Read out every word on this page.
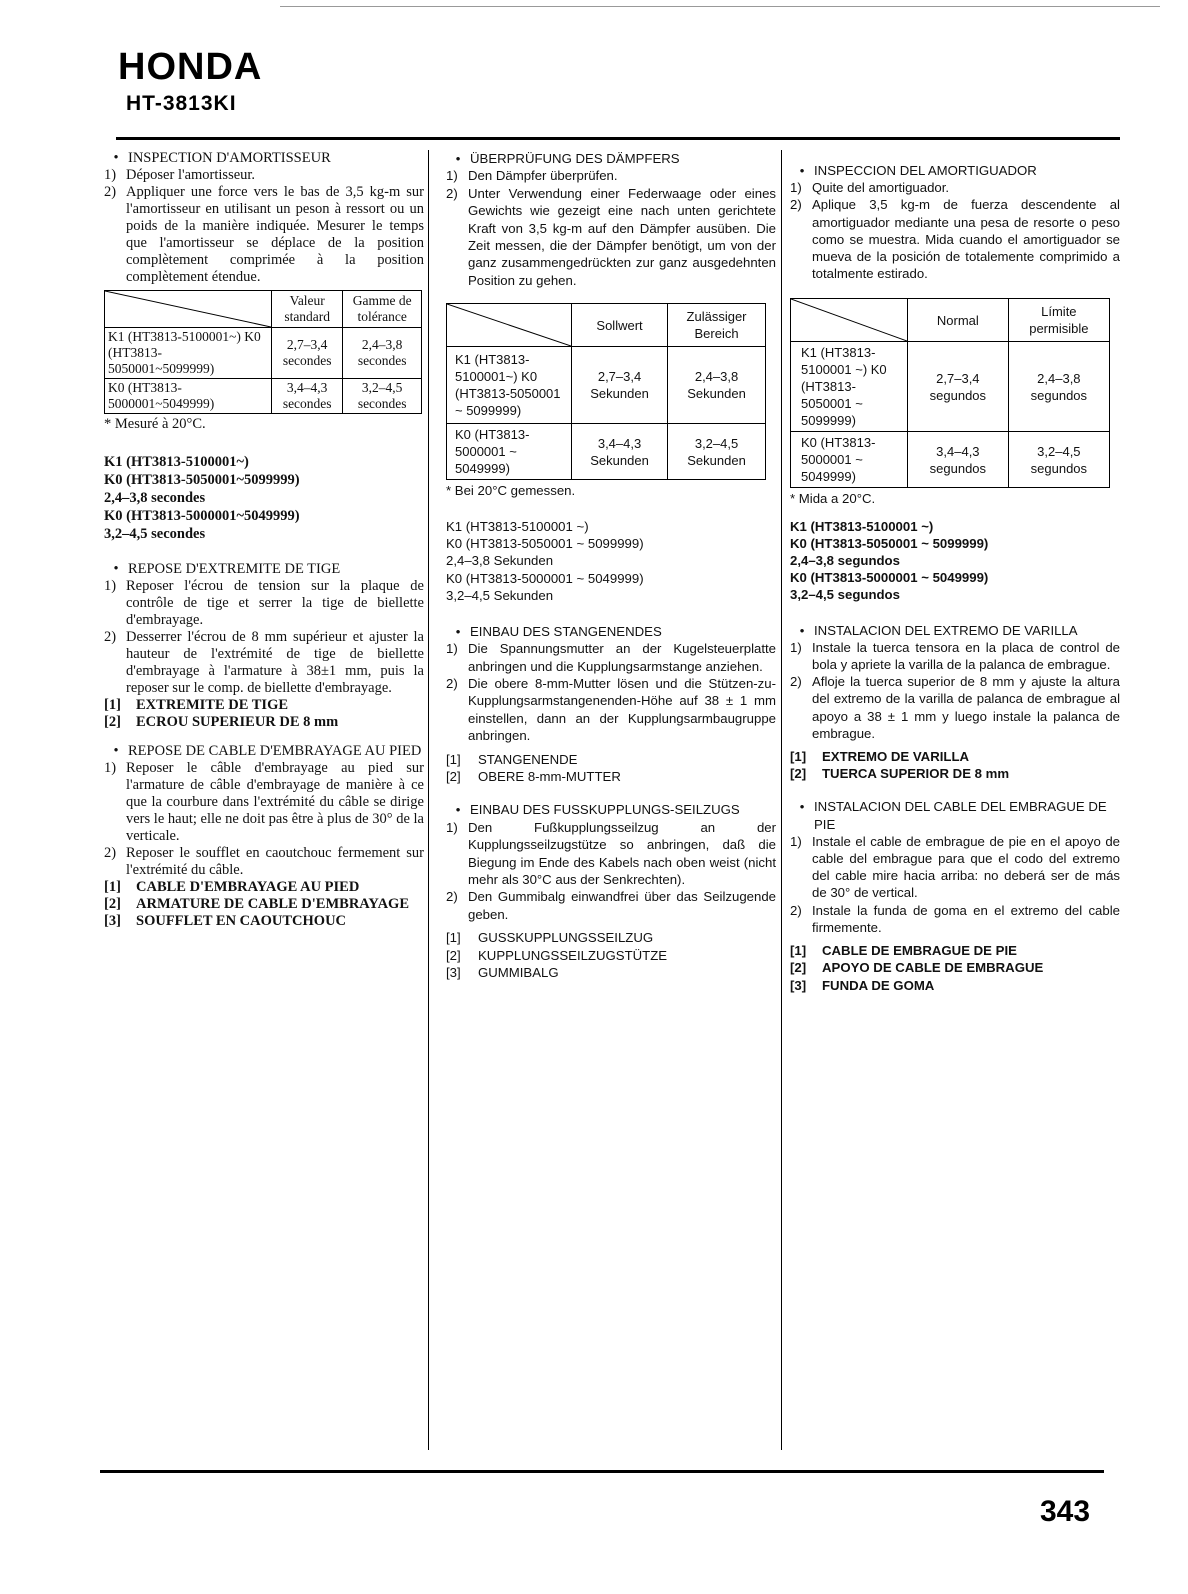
HONDA
HT-3813KI
• INSPECTION D'AMORTISSEUR
1) Déposer l'amortisseur.
2) Appliquer une force vers le bas de 3,5 kg-m sur l'amortisseur en utilisant un peson à ressort ou un poids de la manière indiquée. Mesurer le temps que l'amortisseur se déplace de la position complètement comprimée à la position complètement étendue.
	Valeur standard	Gamme de tolérance
K1 (HT3813-5100001~) K0 (HT3813-5050001~5099999)	2,7–3,4 secondes	2,4–3,8 secondes
K0 (HT3813-5000001~5049999)	3,4–4,3 secondes	3,2–4,5 secondes
* Mesuré à 20°C.
K1 (HT3813-5100001~)
K0 (HT3813-5050001~5099999)
2,4–3,8 secondes
K0 (HT3813-5000001~5049999)
3,2–4,5 secondes
• REPOSE D'EXTREMITE DE TIGE
1) Reposer l'écrou de tension sur la plaque de contrôle de tige et serrer la tige de biellette d'embrayage.
2) Desserrer l'écrou de 8 mm supérieur et ajuster la hauteur de l'extrémité de tige de biellette d'embrayage à l'armature à 38±1 mm, puis la reposer sur le comp. de biellette d'embrayage.
[1]	EXTREMITE DE TIGE
[2]	ECROU SUPERIEUR DE 8 mm
• REPOSE DE CABLE D'EMBRAYAGE AU PIED
1) Reposer le câble d'embrayage au pied sur l'armature de câble d'embrayage de manière à ce que la courbure dans l'extrémité du câble se dirige vers le haut; elle ne doit pas être à plus de 30° de la verticale.
2) Reposer le soufflet en caoutchouc fermement sur l'extrémité du câble.
[1]	CABLE D'EMBRAYAGE AU PIED
[2]	ARMATURE DE CABLE D'EMBRAYAGE
[3]	SOUFFLET EN CAOUTCHOUC
• ÜBERPRÜFUNG DES DÄMPFERS
1) Den Dämpfer überprüfen.
2) Unter Verwendung einer Federwaage oder eines Gewichts wie gezeigt eine nach unten gerichtete Kraft von 3,5 kg-m auf den Dämpfer ausüben. Die Zeit messen, die der Dämpfer benötigt, um von der ganz zusammengedrückten zur ganz ausgedehnten Position zu gehen.
	Sollwert	Zulässiger Bereich
K1 (HT3813-5100001~) K0 (HT3813-5050001 ~ 5099999)	2,7–3,4 Sekunden	2,4–3,8 Sekunden
K0 (HT3813-5000001 ~ 5049999)	3,4–4,3 Sekunden	3,2–4,5 Sekunden
* Bei 20°C gemessen.
K1 (HT3813-5100001 ~)
K0 (HT3813-5050001 ~ 5099999)
2,4–3,8 Sekunden
K0 (HT3813-5000001 ~ 5049999)
3,2–4,5 Sekunden
• EINBAU DES STANGENENDES
1) Die Spannungsmutter an der Kugelsteuerplatte anbringen und die Kupplungsarmstange anziehen.
2) Die obere 8-mm-Mutter lösen und die Stützen-zu-Kupplungsarmstangenenden-Höhe auf 38 ± 1 mm einstellen, dann an der Kupplungsarmbaugruppe anbringen.
[1]	STANGENENDE
[2]	OBERE 8-mm-MUTTER
• EINBAU DES FUSSKUPPLUNGS-SEILZUGS
1) Den Fußkupplungsseilzug an der Kupplungsseilzugstütze so anbringen, daß die Biegung im Ende des Kabels nach oben weist (nicht mehr als 30°C aus der Senkrechten).
2) Den Gummibalg einwandfrei über das Seilzugende geben.
[1]	GUSSKUPPLUNGSSEILZUG
[2]	KUPPLUNGSSEILZUGSTÜTZE
[3]	GUMMIBALG
• INSPECCION DEL AMORTIGUADOR
1) Quite del amortiguador.
2) Aplique 3,5 kg-m de fuerza descendente al amortiguador mediante una pesa de resorte o peso como se muestra. Mida cuando el amortiguador se mueva de la posición de totalemente comprimido a totalmente estirado.
	Normal	Límite permisible
K1 (HT3813-5100001 ~) K0 (HT3813-5050001 ~ 5099999)	2,7–3,4 segundos	2,4–3,8 segundos
K0 (HT3813-5000001 ~ 5049999)	3,4–4,3 segundos	3,2–4,5 segundos
* Mida a 20°C.
K1 (HT3813-5100001 ~)
K0 (HT3813-5050001 ~ 5099999)
2,4–3,8 segundos
K0 (HT3813-5000001 ~ 5049999)
3,2–4,5 segundos
• INSTALACION DEL EXTREMO DE VARILLA
1) Instale la tuerca tensora en la placa de control de bola y apriete la varilla de la palanca de embrague.
2) Afloje la tuerca superior de 8 mm y ajuste la altura del extremo de la varilla de palanca de embrague al apoyo a 38 ± 1 mm y luego instale la palanca de embrague.
[1]	EXTREMO DE VARILLA
[2]	TUERCA SUPERIOR DE 8 mm
• INSTALACION DEL CABLE DEL EMBRAGUE DE PIE
1) Instale el cable de embrague de pie en el apoyo de cable del embrague para que el codo del extremo del cable mire hacia arriba: no deberá ser de más de 30° de vertical.
2) Instale la funda de goma en el extremo del cable firmemente.
[1]	CABLE DE EMBRAGUE DE PIE
[2]	APOYO DE CABLE DE EMBRAGUE
[3]	FUNDA DE GOMA
343
